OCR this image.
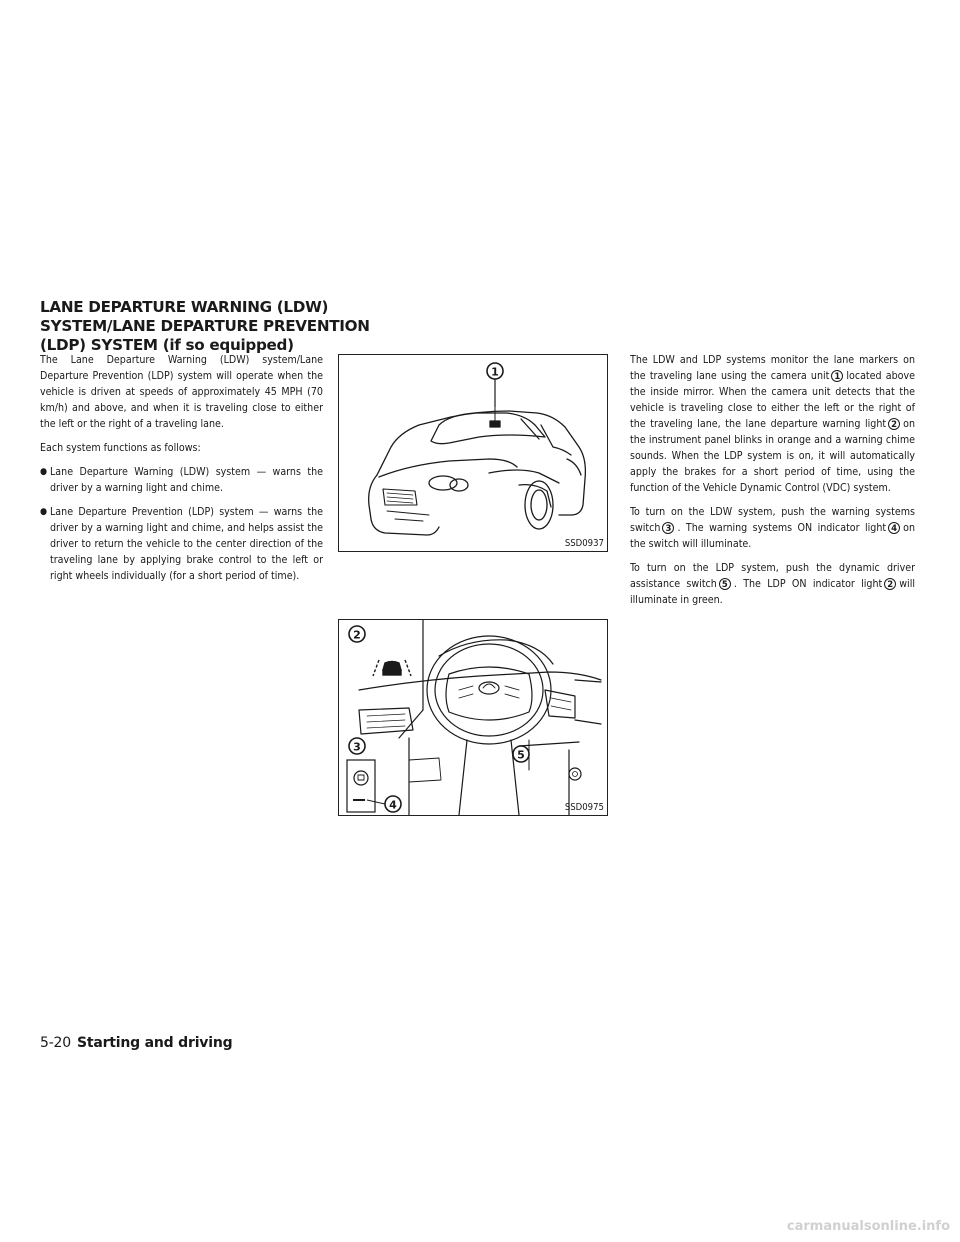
LANE DEPARTURE WARNING (LDW)
SYSTEM/LANE DEPARTURE PREVENTION
(LDP) SYSTEM (if so equipped)

The Lane Departure Warning (LDW) system/Lane Departure Prevention (LDP) system will operate when the vehicle is driven at speeds of approximately 45 MPH (70 km/h) and above, and when it is traveling close to either the left or the right of a traveling lane.

Each system functions as follows:

● Lane Departure Warning (LDW) system — warns the driver by a warning light and chime.
● Lane Departure Prevention (LDP) system — warns the driver by a warning light and chime, and helps assist the driver to return the vehicle to the center direction of the traveling lane by applying brake control to the left or right wheels individually (for a short period of time).
1
SSD0937
2
3
4
5
SSD0975

The LDW and LDP systems monitor the lane markers on the traveling lane using the camera unit 1 located above the inside mirror. When the camera unit detects that the vehicle is traveling close to either the left or the right of the traveling lane, the lane departure warning light 2 on the instrument panel blinks in orange and a warning chime sounds. When the LDP system is on, it will automatically apply the brakes for a short period of time, using the function of the Vehicle Dynamic Control (VDC) system.

To turn on the LDW system, push the warning systems switch 3 . The warning systems ON indicator light 4 on the switch will illuminate.

To turn on the LDP system, push the dynamic driver assistance switch 5 . The LDP ON indicator light 2 will illuminate in green.

5-20 Starting and driving
carmanualsonline.info
